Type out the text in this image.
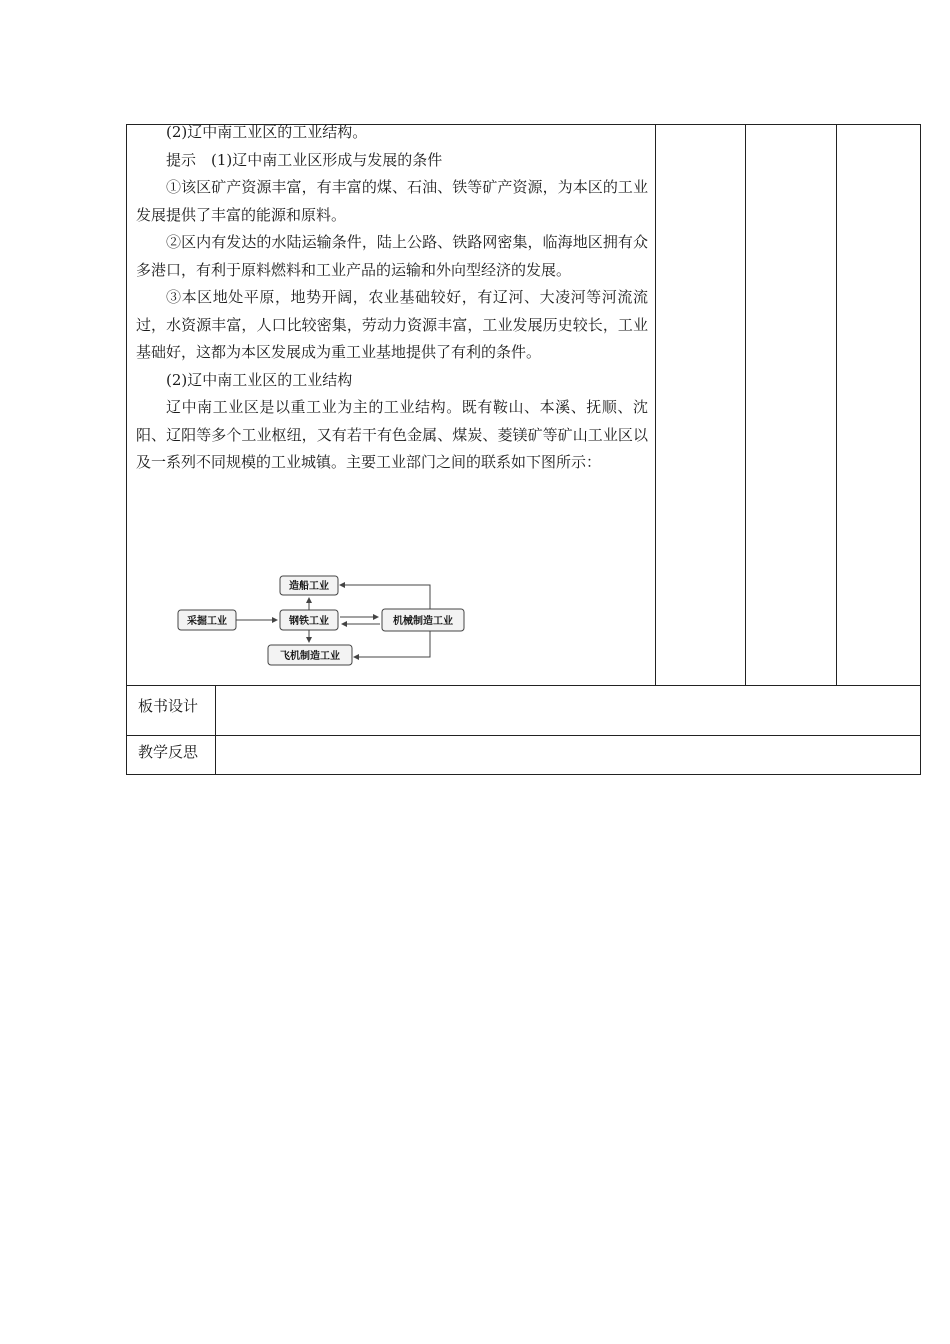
(2)辽中南工业区的工业结构。

提示　(1)辽中南工业区形成与发展的条件

①该区矿产资源丰富，有丰富的煤、石油、铁等矿产资源，为本区的工业发展提供了丰富的能源和原料。

②区内有发达的水陆运输条件，陆上公路、铁路网密集，临海地区拥有众多港口，有利于原料燃料和工业产品的运输和外向型经济的发展。

③本区地处平原，地势开阔，农业基础较好，有辽河、大凌河等河流流过，水资源丰富，人口比较密集，劳动力资源丰富，工业发展历史较长，工业基础好，这都为本区发展成为重工业基地提供了有利的条件。

(2)辽中南工业区的工业结构

辽中南工业区是以重工业为主的工业结构。既有鞍山、本溪、抚顺、沈阳、辽阳等多个工业枢纽，又有若干有色金属、煤炭、菱镁矿等矿山工业区以及一系列不同规模的工业城镇。主要工业部门之间的联系如下图所示：

造船工业
采掘工业	钢铁工业	机械制造工业
飞机制造工业
板书设计
教学反思
